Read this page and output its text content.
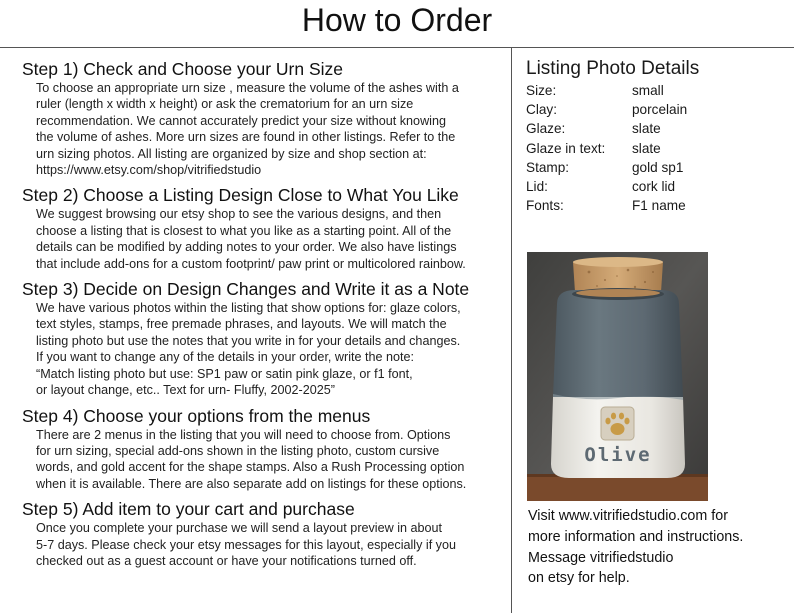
How to Order
Step 1) Check and Choose your Urn Size
To choose an appropriate urn size , measure the volume of the ashes with a
ruler (length x width x height) or ask the crematorium for an urn size
recommendation. We cannot accurately predict your size without knowing
the volume of ashes. More urn sizes are found in other listings. Refer to the
urn sizing photos. All listing are organized by size and shop section at:
https://www.etsy.com/shop/vitrifiedstudio
Step 2) Choose a Listing Design Close to What You Like
We suggest browsing our etsy shop to see the various designs, and then
choose a listing that is closest to what you like as a starting point. All of the
details can be modified by adding notes to your order. We also have listings
that include add-ons for a custom footprint/ paw print or multicolored rainbow.
Step 3) Decide on Design Changes and Write it as a Note
We have various photos within the listing that show options for: glaze colors,
text styles, stamps, free premade phrases, and layouts. We will match the
listing photo but use the notes that you write in for your details and changes.
If you want to change any of the details in your order, write the note:
“Match listing photo but use: SP1 paw or satin pink glaze, or f1 font,
or layout change, etc.. Text for urn- Fluffy, 2002-2025”
Step 4) Choose your options from the menus
There are 2 menus in the listing that you will need to choose from. Options
for urn sizing, special add-ons shown in the listing photo, custom cursive
words, and gold accent for the shape stamps. Also a Rush Processing option
when it is available. There are also separate add on listings for these options.
Step 5) Add item to your cart and purchase
Once you complete your purchase we will send a layout preview in about
5-7 days. Please check your etsy messages for this layout, especially if you
checked out as a guest account or have your notifications turned off.
Listing Photo Details
Size:	small
Clay:	porcelain
Glaze:	slate
Glaze in text:	slate
Stamp:	gold sp1
Lid:	cork lid
Fonts:	F1 name
Olive
Visit www.vitrifiedstudio.com for
more information and instructions.
Message vitrifiedstudio
on etsy for help.
